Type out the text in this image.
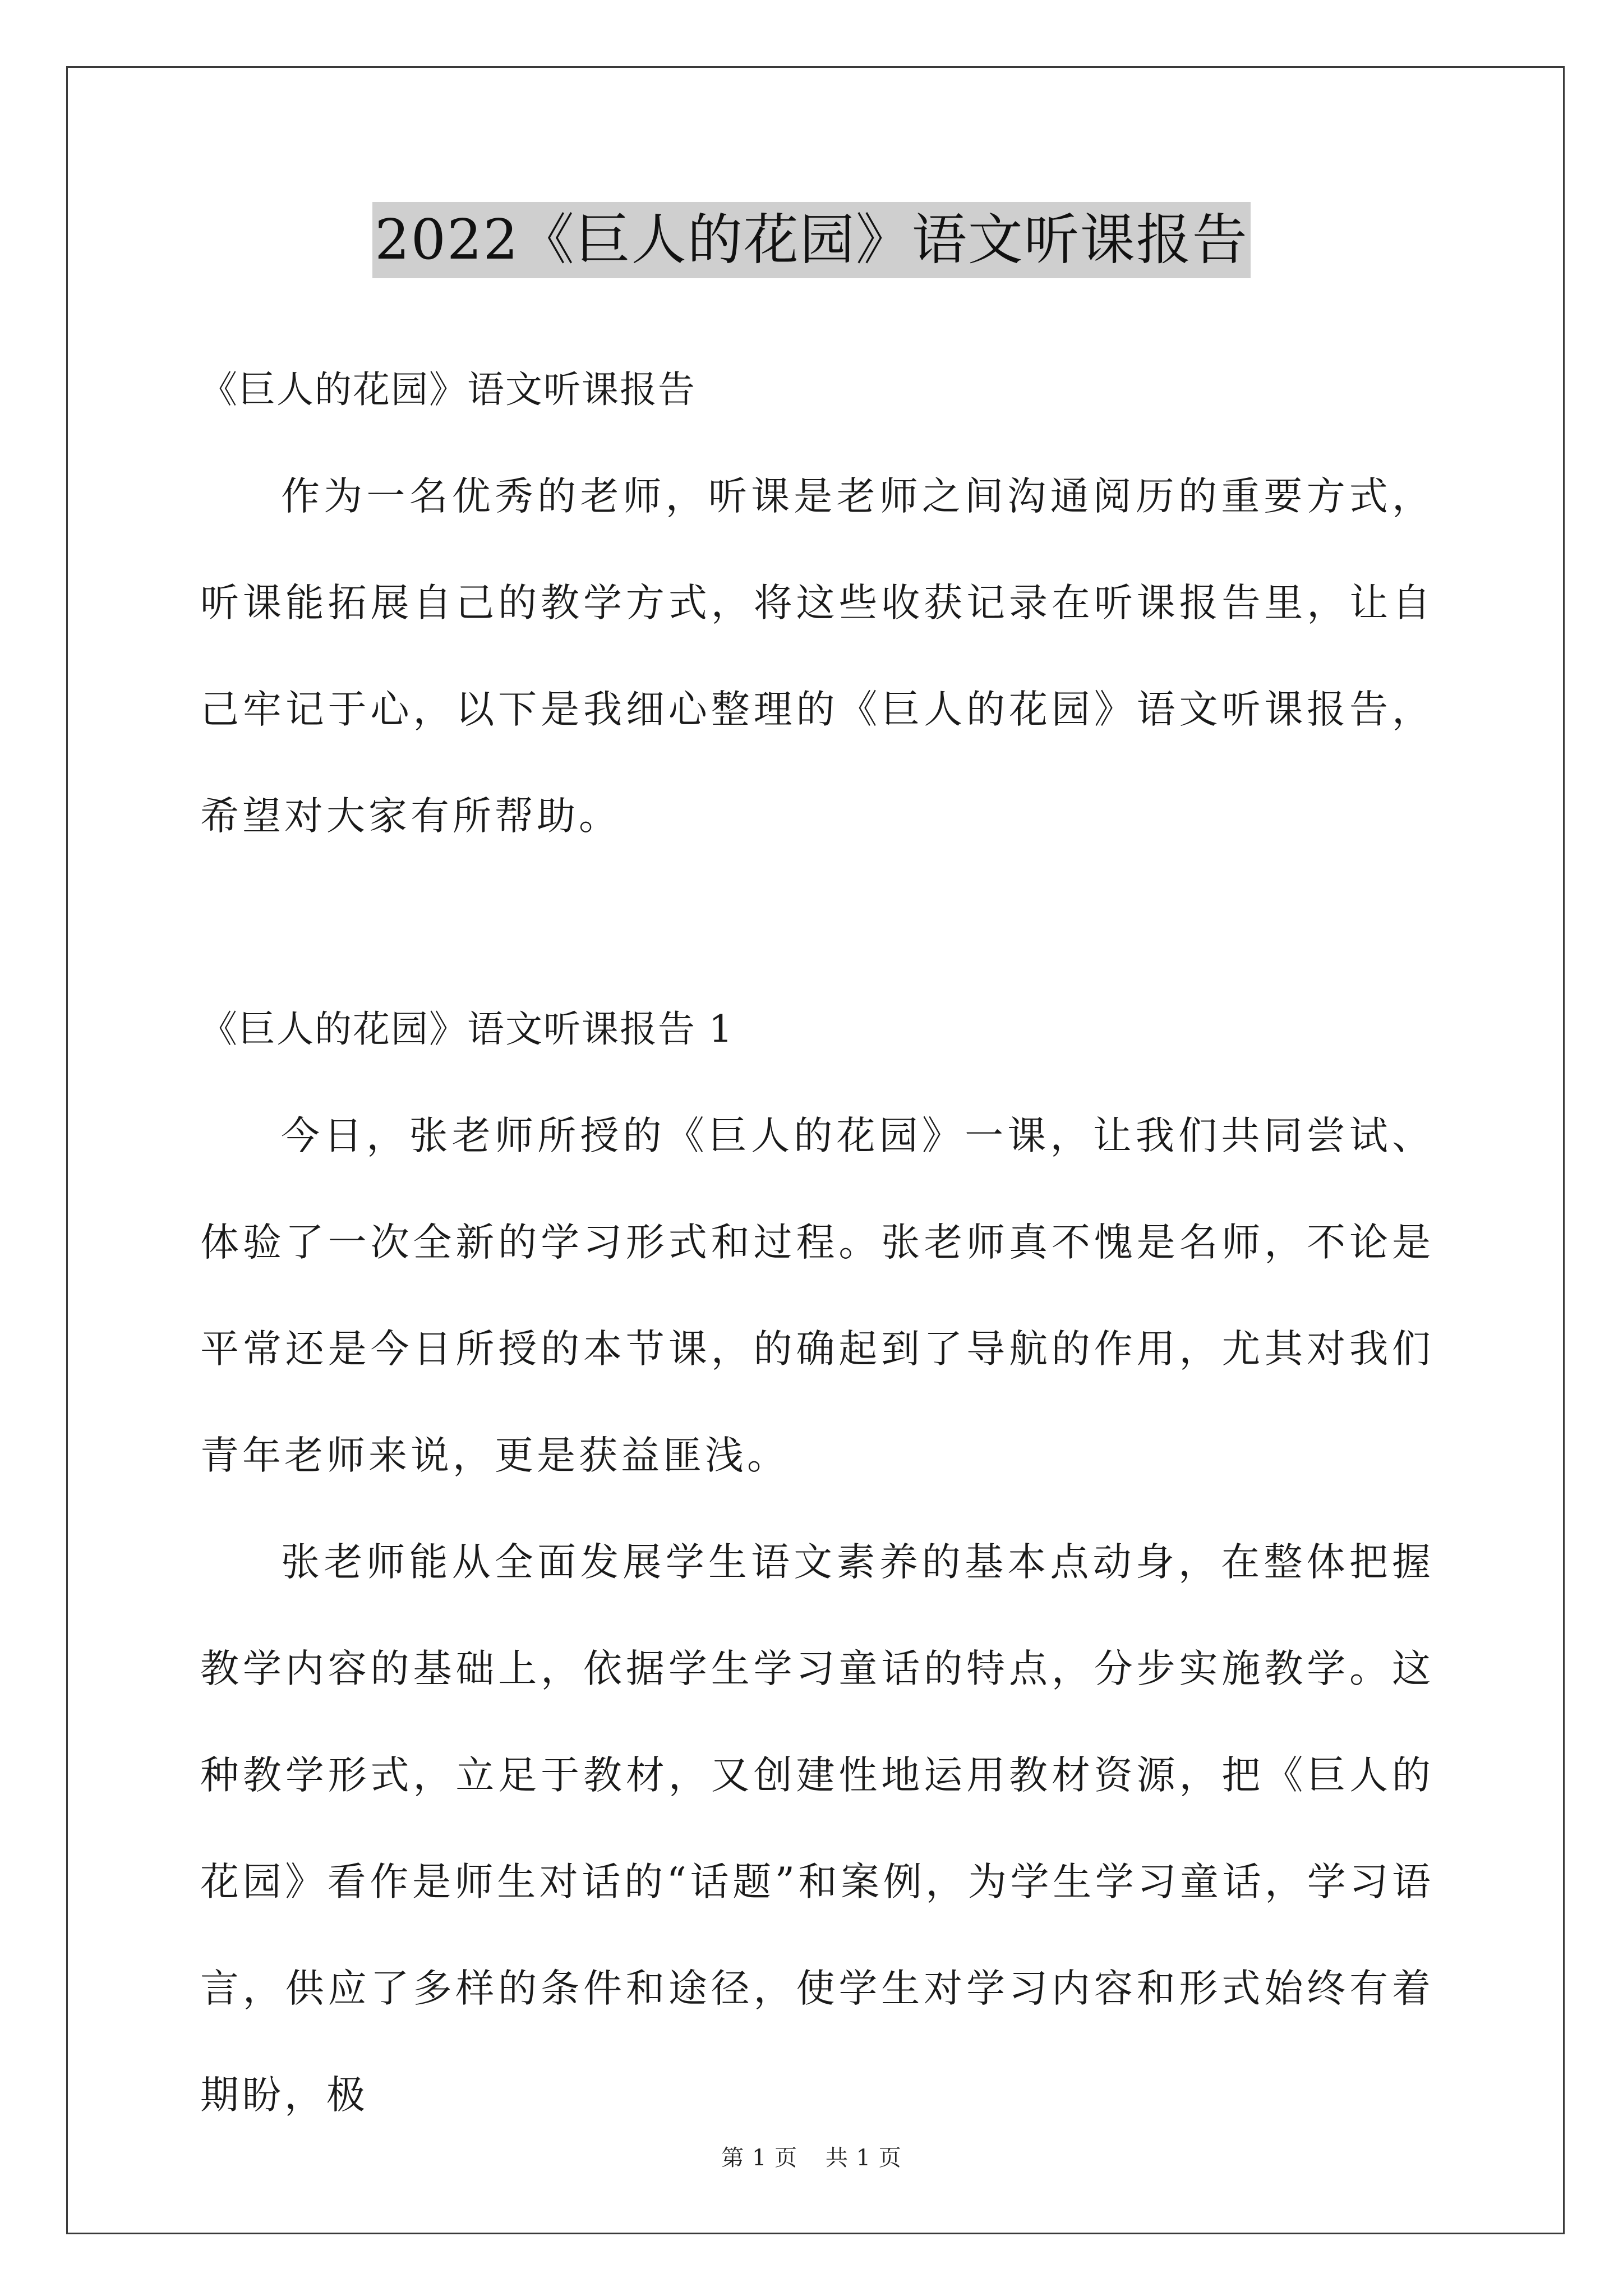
2022《巨人的花园》语文听课报告
《巨人的花园》语文听课报告

作为一名优秀的老师，听课是老师之间沟通阅历的重要方式，听课能拓展自己的教学方式，将这些收获记录在听课报告里，让自己牢记于心，以下是我细心整理的《巨人的花园》语文听课报告，希望对大家有所帮助。

《巨人的花园》语文听课报告 1

今日，张老师所授的《巨人的花园》一课，让我们共同尝试、体验了一次全新的学习形式和过程。张老师真不愧是名师，不论是平常还是今日所授的本节课，的确起到了导航的作用，尤其对我们青年老师来说，更是获益匪浅。

张老师能从全面发展学生语文素养的基本点动身，在整体把握教学内容的基础上，依据学生学习童话的特点，分步实施教学。这种教学形式，立足于教材，又创建性地运用教材资源，把《巨人的花园》看作是师生对话的“话题”和案例，为学生学习童话，学习语言，供应了多样的条件和途径，使学生对学习内容和形式始终有着期盼，极

第 1 页 共 1 页
